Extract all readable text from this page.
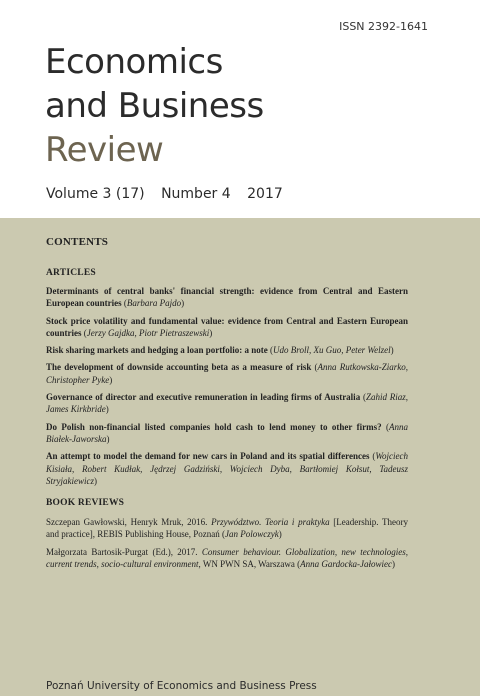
ISSN 2392-1641
Economics
and Business
Review
Volume 3 (17) Number 4 2017
CONTENTS
ARTICLES
Determinants of central banks' financial strength: evidence from Central and Eastern European countries (Barbara Pajdo)
Stock price volatility and fundamental value: evidence from Central and Eastern European countries (Jerzy Gajdka, Piotr Pietraszewski)
Risk sharing markets and hedging a loan portfolio: a note (Udo Broll, Xu Guo, Peter Welzel)
The development of downside accounting beta as a measure of risk (Anna Rutkowska-Ziarko, Christopher Pyke)
Governance of director and executive remuneration in leading firms of Australia (Zahid Riaz, James Kirkbride)
Do Polish non-financial listed companies hold cash to lend money to other firms? (Anna Białek-Jaworska)
An attempt to model the demand for new cars in Poland and its spatial differences (Wojciech Kisiała, Robert Kudłak, Jędrzej Gadziński, Wojciech Dyba, Bartłomiej Kołsut, Tadeusz Stryjakiewicz)
BOOK REVIEWS
Szczepan Gawłowski, Henryk Mruk, 2016. Przywództwo. Teoria i praktyka [Leadership. Theory and practice], REBIS Publishing House, Poznań (Jan Polowczyk)
Małgorzata Bartosik-Purgat (Ed.), 2017. Consumer behaviour. Globalization, new technologies, current trends, socio-cultural environment, WN PWN SA, Warszawa (Anna Gardocka-Jałowiec)
Poznań University of Economics and Business Press
